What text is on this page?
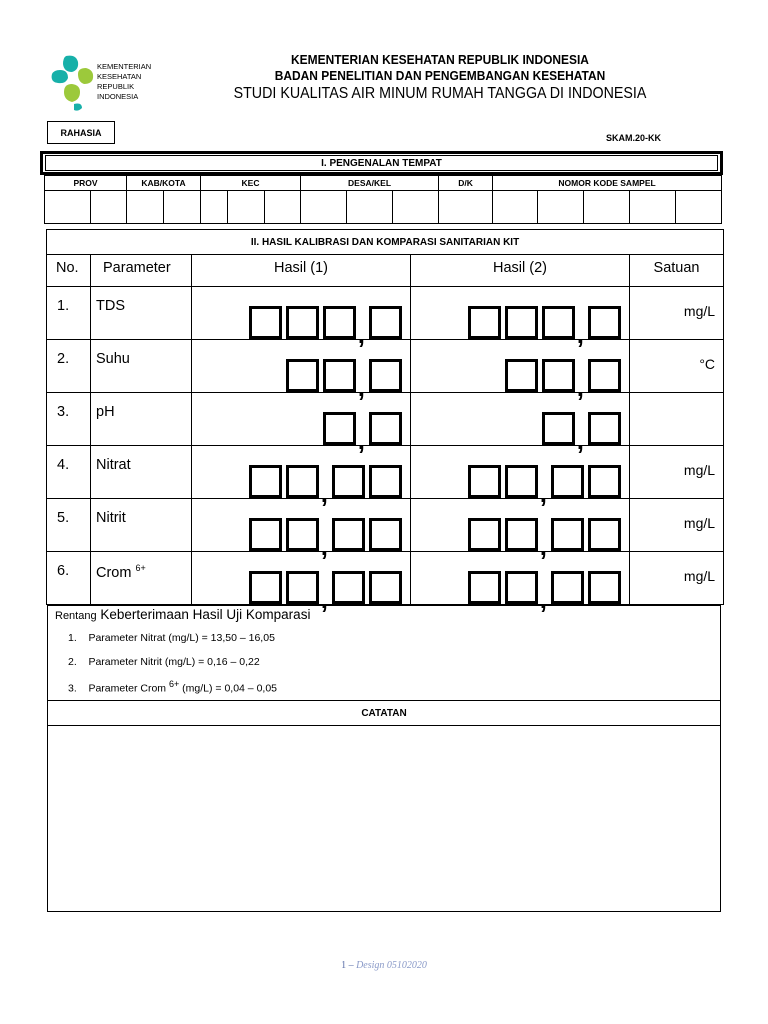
KEMENTERIAN
KESEHATAN
REPUBLIK
INDONESIA
KEMENTERIAN KESEHATAN REPUBLIK INDONESIA
BADAN PENELITIAN DAN PENGEMBANGAN KESEHATAN
STUDI KUALITAS AIR MINUM RUMAH TANGGA DI INDONESIA
RAHASIA
SKAM.20-KK
I. PENGENALAN TEMPAT
PROV		KAB/KOTA		KEC			DESA/KEL			D/K	NOMOR KODE SAMPEL				

II. HASIL KALIBRASI DAN KOMPARASI SANITARIAN KIT				
No.	Parameter	Hasil (1)	Hasil (2)	Satuan
1.	TDS	,	,	mg/L
2.	Suhu	,	,	°C
3.	pH	,	,	

4.	Nitrat	,	,	mg/L
5.	Nitrit	,	,	mg/L
6.	Crom $^{6+}$	,	,	mg/L
Rentang Keberterimaan Hasil Uji Komparasi
1. Parameter Nitrat (mg/L) = 13,50 – 16,05
2. Parameter Nitrit (mg/L) = 0,16 – 0,22
3. Parameter Crom 6+ (mg/L) = 0,04 – 0,05
CATATAN
1 – Design 05102020
